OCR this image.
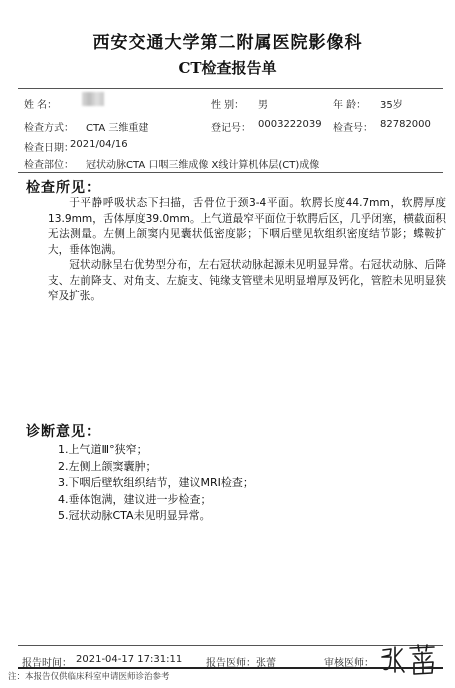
西安交通大学第二附属医院影像科
CT检查报告单
姓 名：	性 别： 男	年 龄： 35岁
检查方式： CTA 三维重建	登记号： 0003222039 检查号： 82782000
检查日期：
2021/04/16
检查部位： 冠状动脉CTA 口咽三维成像 X线计算机体层(CT)成像
检查所见：

于平静呼吸状态下扫描，舌骨位于颈3-4平面。软腭长度44.7mm，软腭厚度13.9mm，舌体厚度39.0mm。上气道最窄平面位于软腭后区，几乎闭塞，横截面积无法测量。左侧上颌窦内见囊状低密度影；下咽后壁见软组织密度结节影；蝶鞍扩大，垂体饱满。

冠状动脉呈右优势型分布，左右冠状动脉起源未见明显异常。右冠状动脉、后降支、左前降支、对角支、左旋支、钝缘支管壁未见明显增厚及钙化，管腔未见明显狭窄及扩张。

诊断意见：
1.上气道Ⅲ°狭窄；
2.左侧上颌窦囊肿；
3.下咽后壁软组织结节，建议MRI检查；
4.垂体饱满，建议进一步检查；
5.冠状动脉CTA未见明显异常。
报告时间： 2021-04-17 17:31:11 报告医师： 张蕾	审核医师：
注：本报告仅供临床科室申请医师诊治参考
